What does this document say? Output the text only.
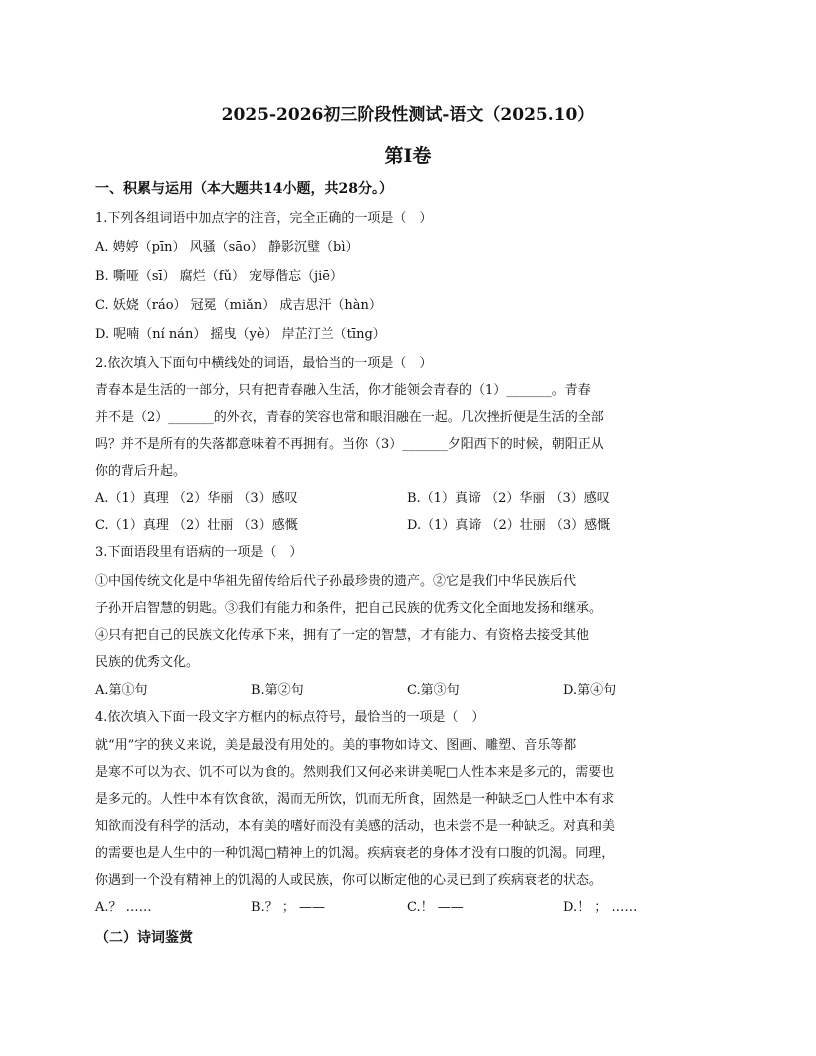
2025-2026初三阶段性测试-语文（2025.10）
第Ⅰ卷
一、积累与运用（本大题共14小题，共28分。）
1.下列各组词语中加点字的注音，完全正确的一项是（　）
A. 娉婷（pīn） 风骚（sāo） 静影沉璧（bì）
B. 嘶哑（sī） 腐烂（fǔ） 宠辱偕忘（jiē）
C. 妖娆（ráo） 冠冕（miǎn） 成吉思汗（hàn）
D. 呢喃（ní nán） 摇曳（yè） 岸芷汀兰（tīng）
2.依次填入下面句中横线处的词语，最恰当的一项是（　）
青春本是生活的一部分，只有把青春融入生活，你才能领会青春的（1）_______。青春
并不是（2）_______的外衣，青春的笑容也常和眼泪融在一起。几次挫折便是生活的全部
吗？并不是所有的失落都意味着不再拥有。当你（3）_______夕阳西下的时候，朝阳正从
你的背后升起。
A.（1）真理 （2）华丽 （3）感叹	B.（1）真谛 （2）华丽 （3）感叹
C.（1）真理 （2）壮丽 （3）感慨	D.（1）真谛 （2）壮丽 （3）感慨
3.下面语段里有语病的一项是（　）
①中国传统文化是中华祖先留传给后代子孙最珍贵的遗产。②它是我们中华民族后代
子孙开启智慧的钥匙。③我们有能力和条件，把自己民族的优秀文化全面地发扬和继承。
④只有把自己的民族文化传承下来，拥有了一定的智慧，才有能力、有资格去接受其他
民族的优秀文化。
A.第①句	B.第②句	C.第③句	D.第④句
4.依次填入下面一段文字方框内的标点符号，最恰当的一项是（　）
就“用”字的狭义来说，美是最没有用处的。美的事物如诗文、图画、雕塑、音乐等都
是寒不可以为衣、饥不可以为食的。然则我们又何必来讲美呢□人性本来是多元的，需要也
是多元的。人性中本有饮食欲，渴而无所饮，饥而无所食，固然是一种缺乏□人性中本有求
知欲而没有科学的活动，本有美的嗜好而没有美感的活动，也未尝不是一种缺乏。对真和美
的需要也是人生中的一种饥渴□精神上的饥渴。疾病衰老的身体才没有口腹的饥渴。同理，
你遇到一个没有精神上的饥渴的人或民族，你可以断定他的心灵已到了疾病衰老的状态。
A.？ ……	B.？ ； ——	C.！ ——	D.！ ； ……
（二）诗词鉴赏
